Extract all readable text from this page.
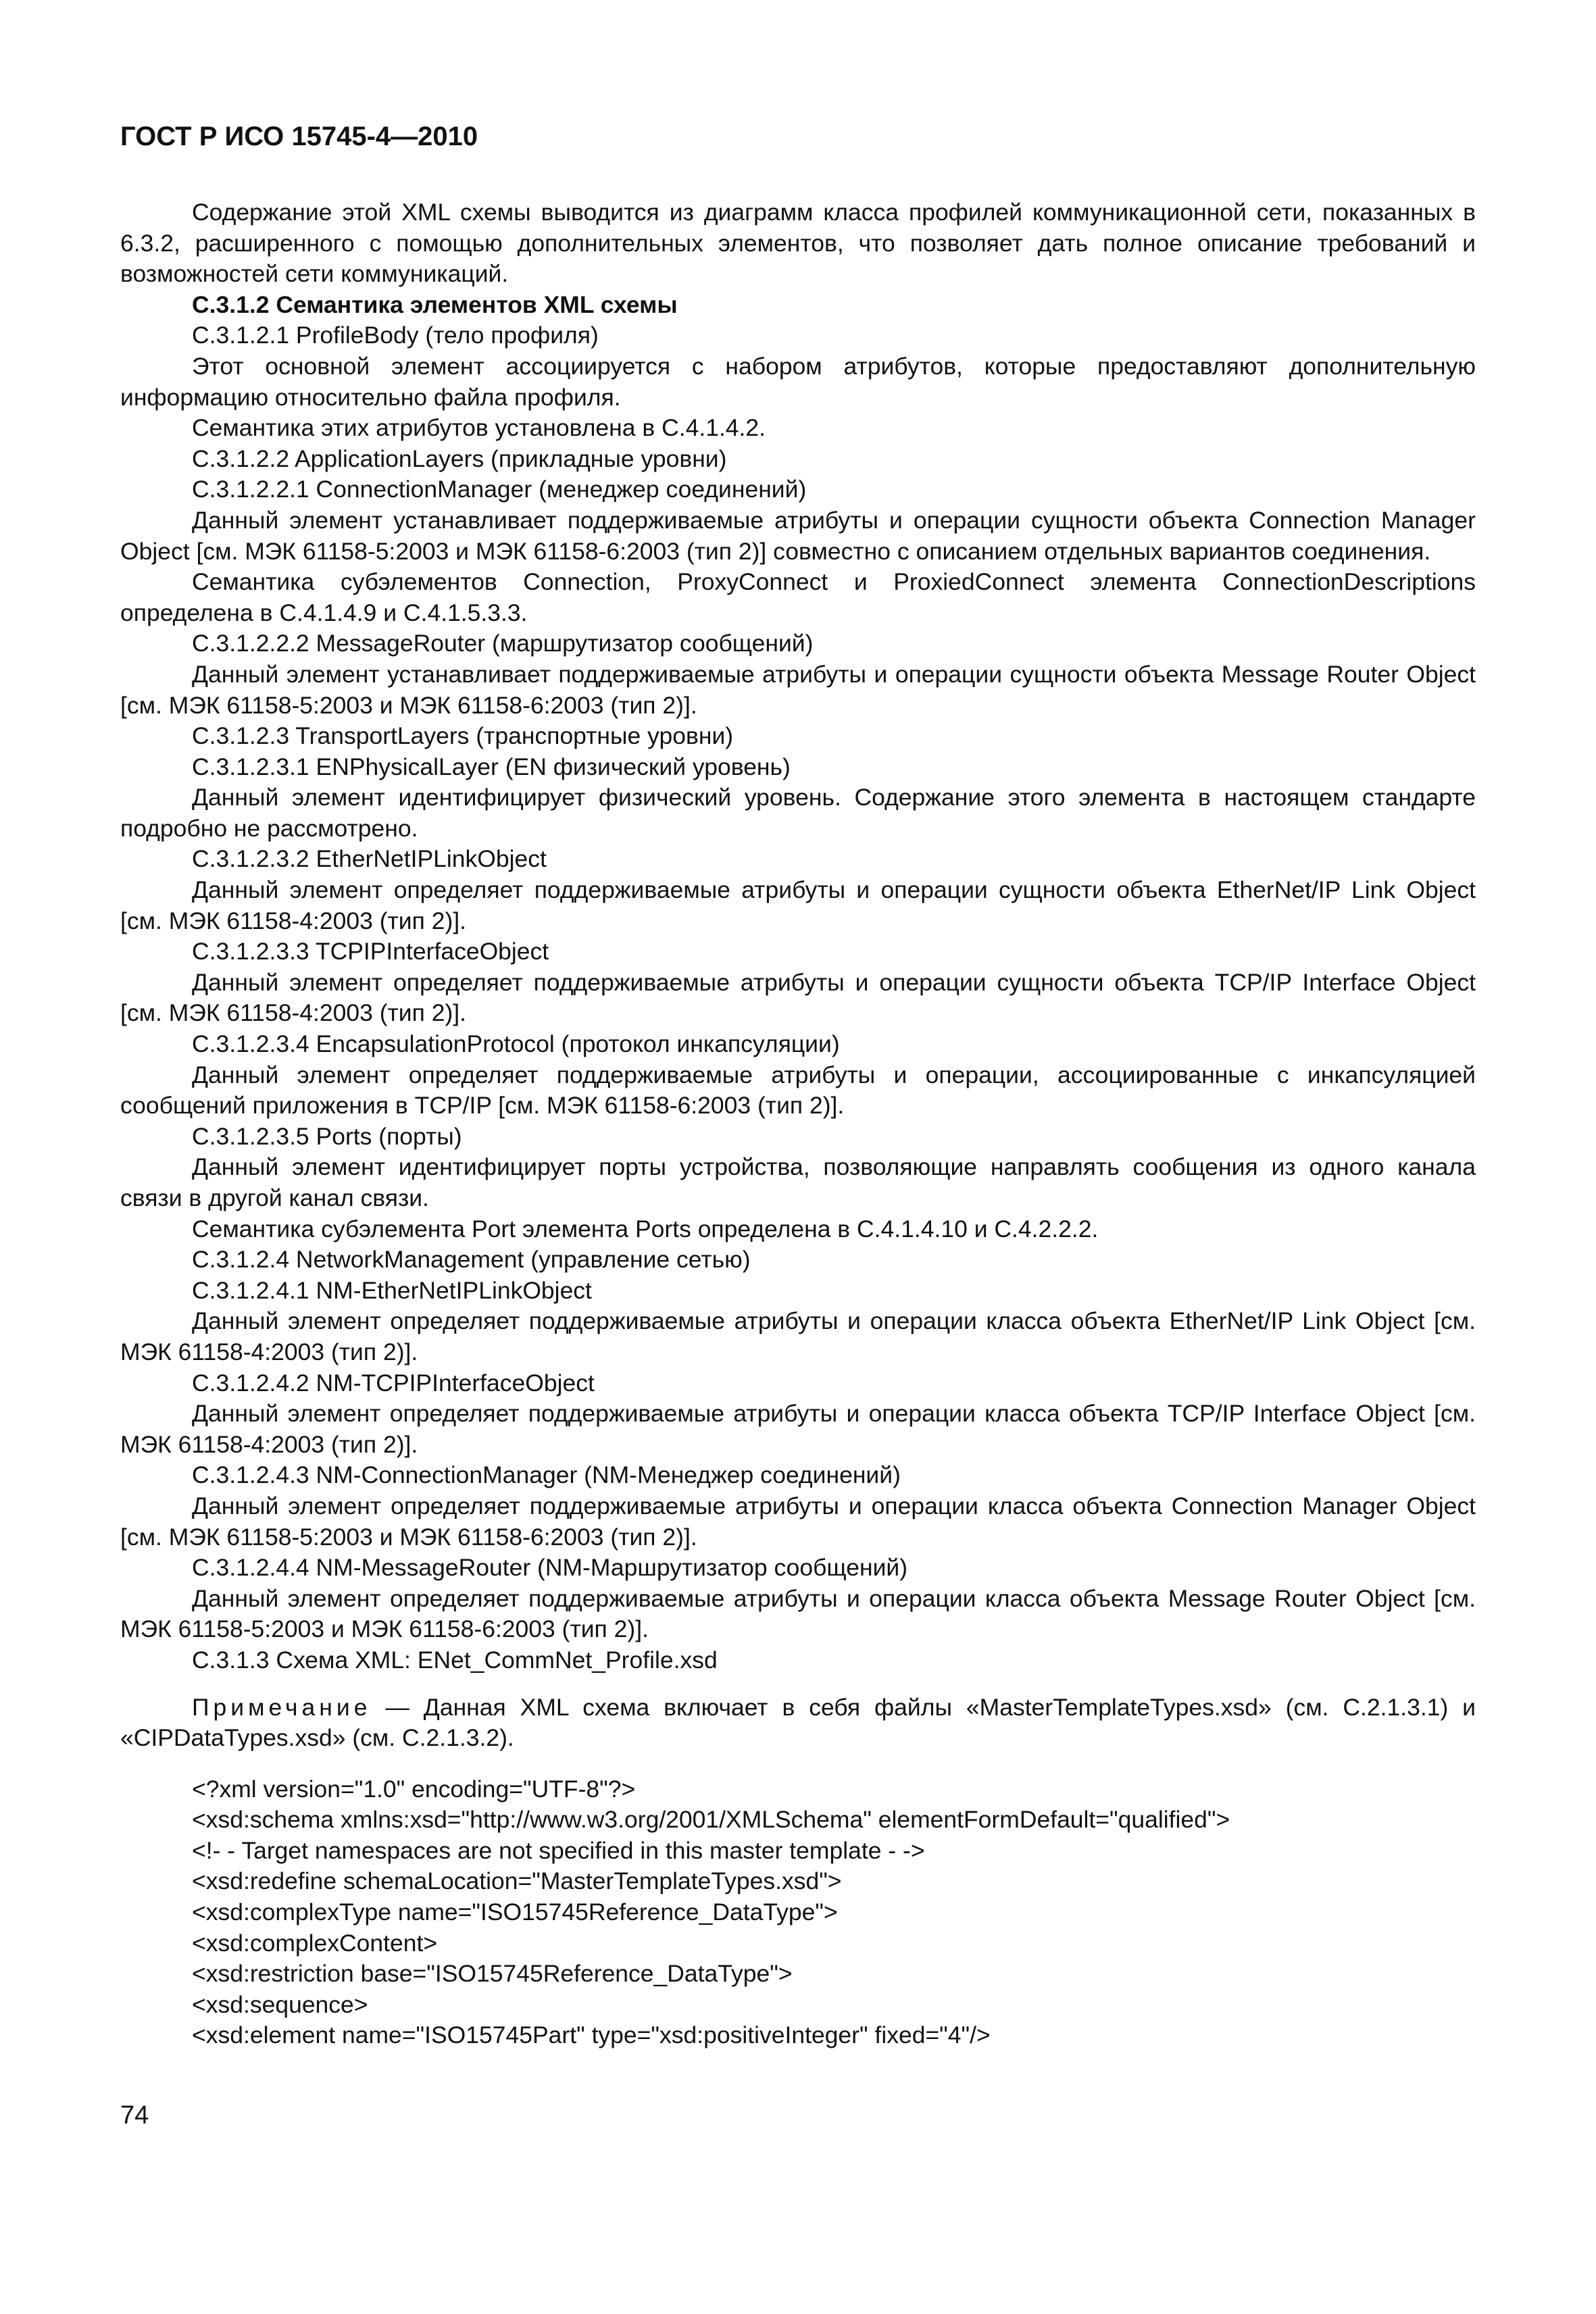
ГОСТ Р ИСО 15745-4—2010

Содержание этой XML схемы выводится из диаграмм класса профилей коммуникационной сети, показанных в 6.3.2, расширенного с помощью дополнительных элементов, что позволяет дать полное описание требований и возможностей сети коммуникаций.

C.3.1.2 Семантика элементов XML схемы

C.3.1.2.1 ProfileBody (тело профиля)

Этот основной элемент ассоциируется с набором атрибутов, которые предоставляют дополнительную информацию относительно файла профиля.

Семантика этих атрибутов установлена в С.4.1.4.2.

C.3.1.2.2 ApplicationLayers (прикладные уровни)

C.3.1.2.2.1 ConnectionManager (менеджер соединений)

Данный элемент устанавливает поддерживаемые атрибуты и операции сущности объекта Connection Manager Object [см. МЭК 61158-5:2003 и МЭК 61158-6:2003 (тип 2)] совместно с описанием отдельных вариантов соединения.

Семантика субэлементов Connection, ProxyConnect и ProxiedConnect элемента ConnectionDescriptions определена в С.4.1.4.9 и С.4.1.5.3.3.

C.3.1.2.2.2 MessageRouter (маршрутизатор сообщений)

Данный элемент устанавливает поддерживаемые атрибуты и операции сущности объекта Message Router Object [см. МЭК 61158-5:2003 и МЭК 61158-6:2003 (тип 2)].

C.3.1.2.3 TransportLayers (транспортные уровни)

C.3.1.2.3.1 ENPhysicalLayer (EN физический уровень)

Данный элемент идентифицирует физический уровень. Содержание этого элемента в настоящем стандарте подробно не рассмотрено.

C.3.1.2.3.2 EtherNetIPLinkObject

Данный элемент определяет поддерживаемые атрибуты и операции сущности объекта EtherNet/IP Link Object [см. МЭК 61158-4:2003 (тип 2)].

C.3.1.2.3.3 TCPIPInterfaceObject

Данный элемент определяет поддерживаемые атрибуты и операции сущности объекта TCP/IP Interface Object [см. МЭК 61158-4:2003 (тип 2)].

C.3.1.2.3.4 EncapsulationProtocol (протокол инкапсуляции)

Данный элемент определяет поддерживаемые атрибуты и операции, ассоциированные с инкапсуляцией сообщений приложения в TCP/IP [см. МЭК 61158-6:2003 (тип 2)].

C.3.1.2.3.5 Ports (порты)

Данный элемент идентифицирует порты устройства, позволяющие направлять сообщения из одного канала связи в другой канал связи.

Семантика субэлемента Port элемента Ports определена в С.4.1.4.10 и С.4.2.2.2.

C.3.1.2.4 NetworkManagement (управление сетью)

C.3.1.2.4.1 NM-EtherNetIPLinkObject

Данный элемент определяет поддерживаемые атрибуты и операции класса объекта EtherNet/IP Link Object [см. МЭК 61158-4:2003 (тип 2)].

C.3.1.2.4.2 NM-TCPIPInterfaceObject

Данный элемент определяет поддерживаемые атрибуты и операции класса объекта TCP/IP Interface Object [см. МЭК 61158-4:2003 (тип 2)].

C.3.1.2.4.3 NM-ConnectionManager (NM-Менеджер соединений)

Данный элемент определяет поддерживаемые атрибуты и операции класса объекта Connection Manager Object [см. МЭК 61158-5:2003 и МЭК 61158-6:2003 (тип 2)].

C.3.1.2.4.4 NM-MessageRouter (NM-Маршрутизатор сообщений)

Данный элемент определяет поддерживаемые атрибуты и операции класса объекта Message Router Object [см. МЭК 61158-5:2003 и МЭК 61158-6:2003 (тип 2)].

C.3.1.3 Схема XML: ENet_CommNet_Profile.xsd

Примечание — Данная XML схема включает в себя файлы «MasterTemplateTypes.xsd» (см. С.2.1.3.1) и «CIPDataTypes.xsd» (см. С.2.1.3.2).

<?xml version="1.0" encoding="UTF-8"?>
<xsd:schema xmlns:xsd="http://www.w3.org/2001/XMLSchema" elementFormDefault="qualified">
<!- - Target namespaces are not specified in this master template - ->
<xsd:redefine schemaLocation="MasterTemplateTypes.xsd">
<xsd:complexType name="ISO15745Reference_DataType">
<xsd:complexContent>
<xsd:restriction base="ISO15745Reference_DataType">
<xsd:sequence>
<xsd:element name="ISO15745Part" type="xsd:positiveInteger" fixed="4"/>
74
